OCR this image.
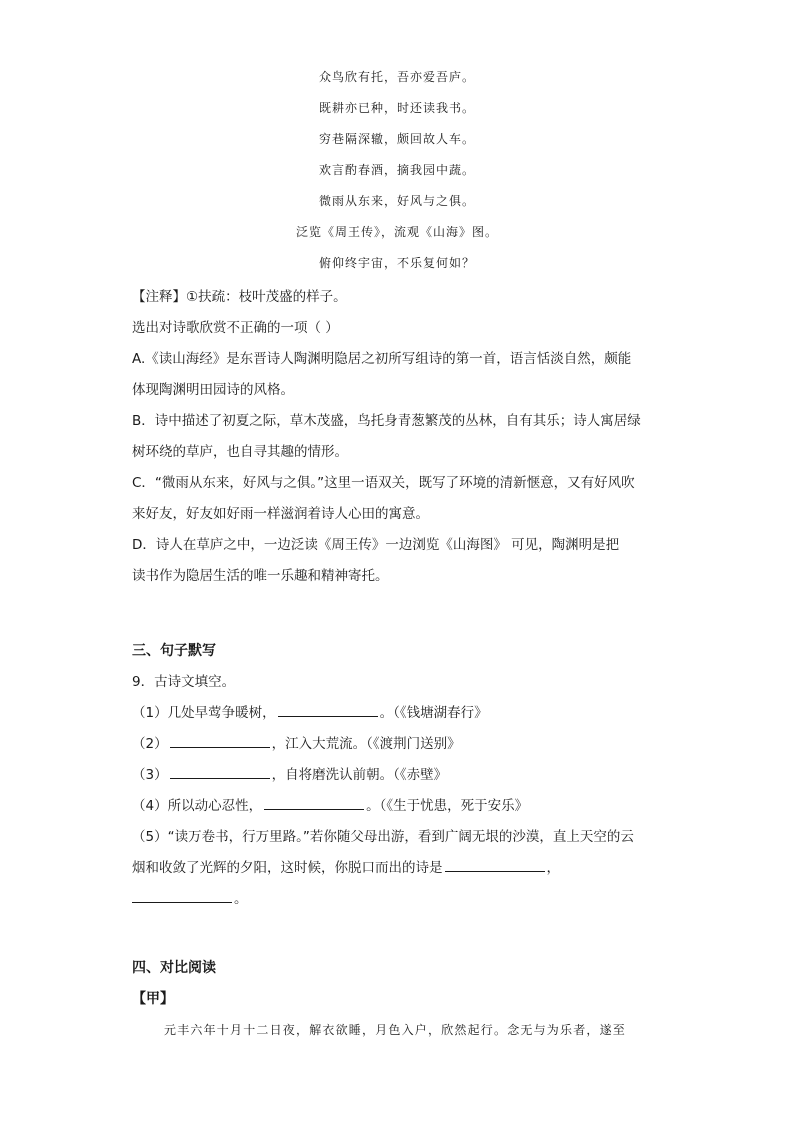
众鸟欣有托，吾亦爱吾庐。
既耕亦已种，时还读我书。
穷巷隔深辙，颇回故人车。
欢言酌春酒，摘我园中蔬。
微雨从东来，好风与之俱。
泛览《周王传》，流观《山海》图。
俯仰终宇宙，不乐复何如？
【注释】①扶疏：枝叶茂盛的样子。
选出对诗歌欣赏不正确的一项（ ）
A.《读山海经》是东晋诗人陶渊明隐居之初所写组诗的第一首，语言恬淡自然，颇能
体现陶渊明田园诗的风格。
B．诗中描述了初夏之际，草木茂盛，鸟托身青葱繁茂的丛林，自有其乐；诗人寓居绿
树环绕的草庐，也自寻其趣的情形。
C．“微雨从东来，好风与之俱。”这里一语双关，既写了环境的清新惬意，又有好风吹
来好友，好友如好雨一样滋润着诗人心田的寓意。
D．诗人在草庐之中，一边泛读《周王传》一边浏览《山海图》 可见，陶渊明是把
读书作为隐居生活的唯一乐趣和精神寄托。
三、句子默写
9．古诗文填空。
（1）几处早莺争暖树，	。（《钱塘湖春行》
（2）	，江入大荒流。（《渡荆门送别》
（3）	，自将磨洗认前朝。（《赤壁》
（4）所以动心忍性，	。（《生于忧患，死于安乐》
（5）“读万卷书，行万里路。”若你随父母出游，看到广阔无垠的沙漠，直上天空的云
烟和收敛了光辉的夕阳，这时候，你脱口而出的诗是	，
。
四、对比阅读
【甲】
元丰六年十月十二日夜，解衣欲睡，月色入户，欣然起行。念无与为乐者，遂至
